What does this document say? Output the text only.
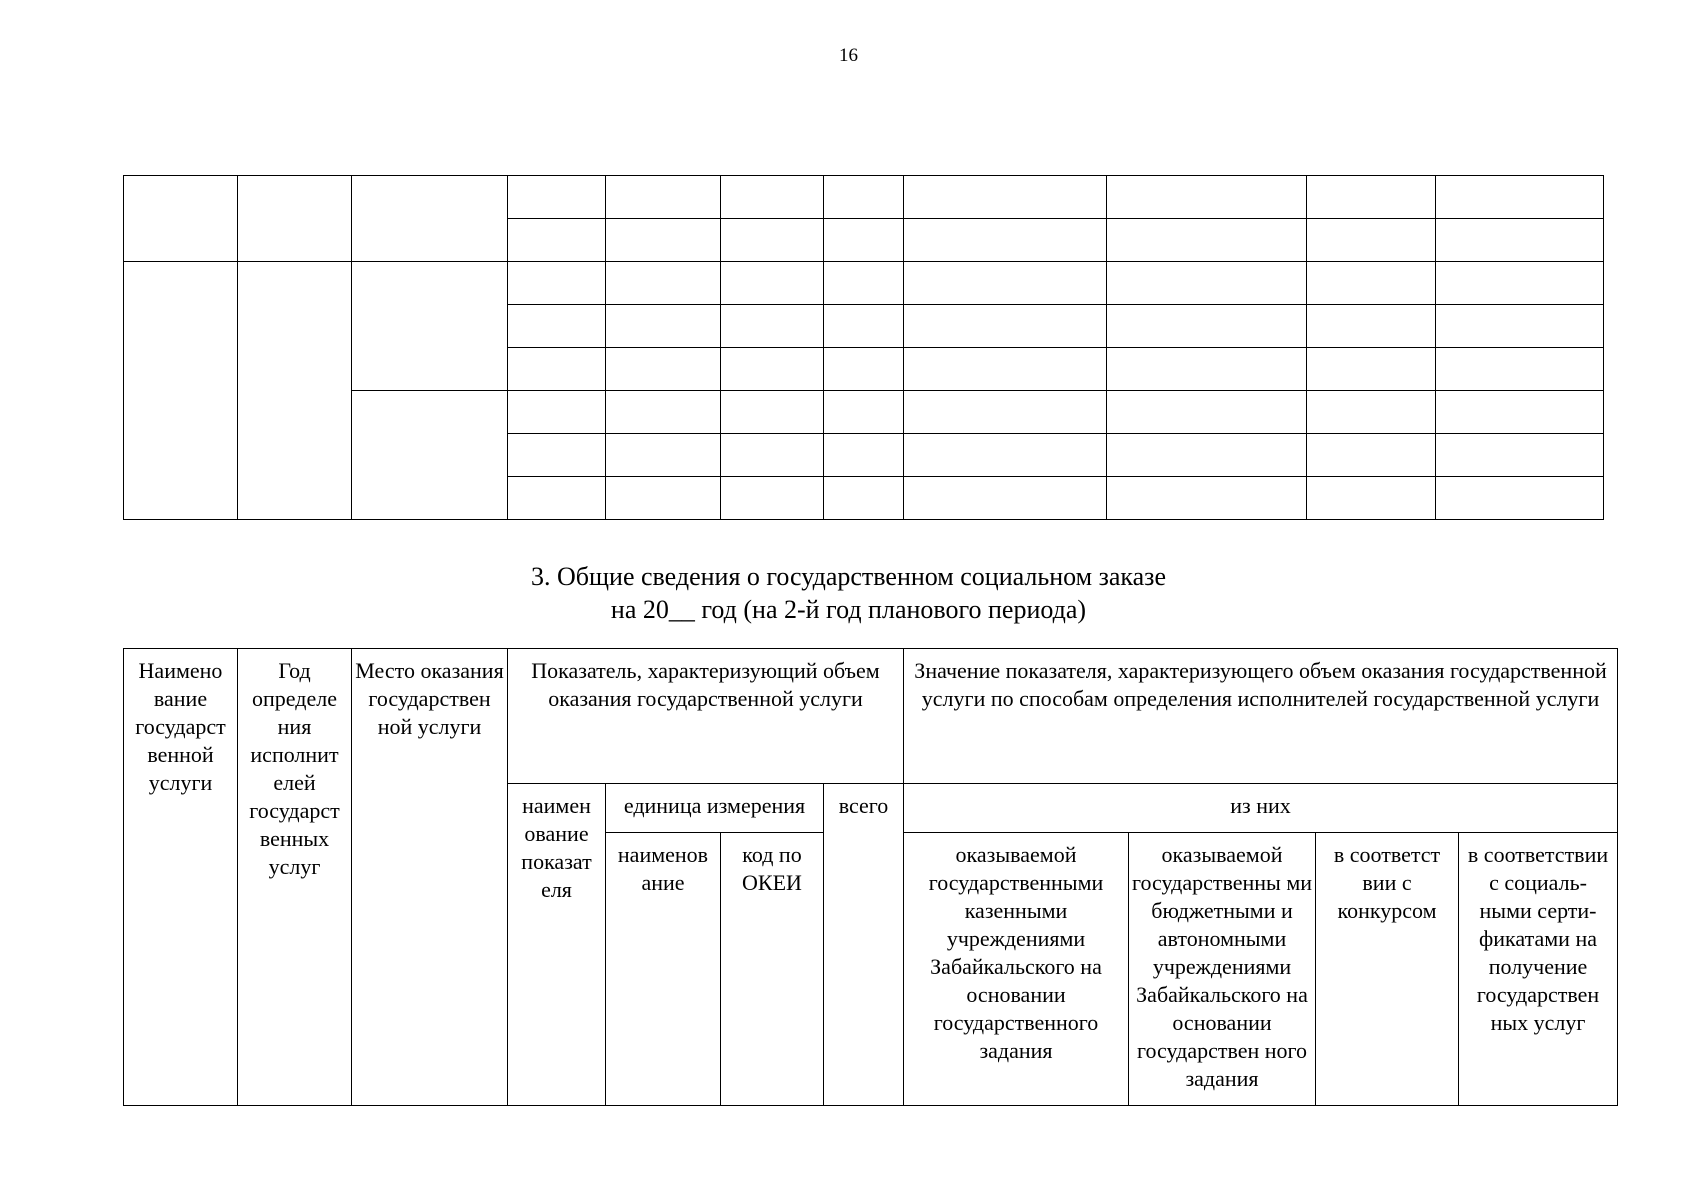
16

3. Общие сведения о государственном социальном заказе
на 20__ год (на 2-й год планового периода)
Наимено вание государст венной услуги	Год определе ния исполнит елей государст венных услуг	Место оказания государствен ной услуги	Показатель, характеризующий объем оказания государственной услуги				Значение показателя, характеризующего объем оказания государственной услуги по способам определения исполнителей государственной услуги			
			наимен ование показат еля	единица измерения		всего	из них			
				наименов ание	код по ОКЕИ		оказываемой государственными казенными учреждениями Забайкальского на основании государственного задания	оказываемой государственны ми бюджетными и автономными учреждениями Забайкальского на основании государствен ного задания	в соответст вии с конкурсом	в соответствии с социаль- ными серти- фикатами на получение государствен ных услуг
